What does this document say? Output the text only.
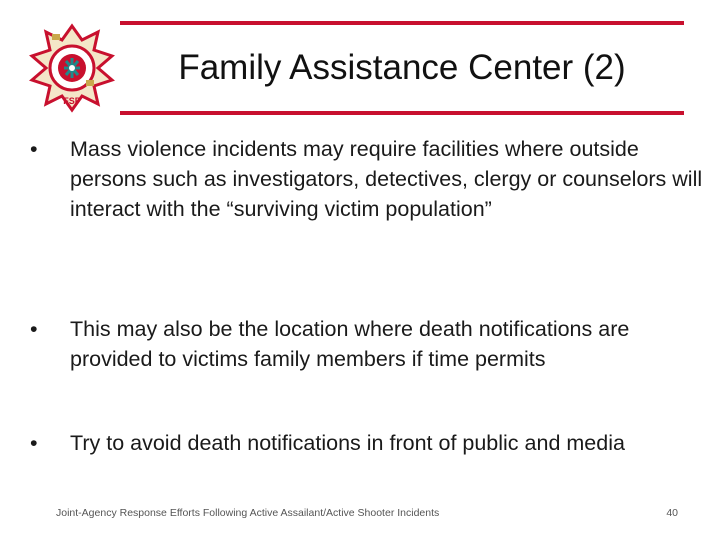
FSP
Family Assistance Center (2)
• Mass violence incidents may require facilities where outside persons such as investigators, detectives, clergy or counselors will interact with the “surviving victim population”
• This may also be the location where death notifications are provided to victims family members if time permits
• Try to avoid death notifications in front of public and media
Joint-Agency Response Efforts Following Active Assailant/Active Shooter Incidents	40
